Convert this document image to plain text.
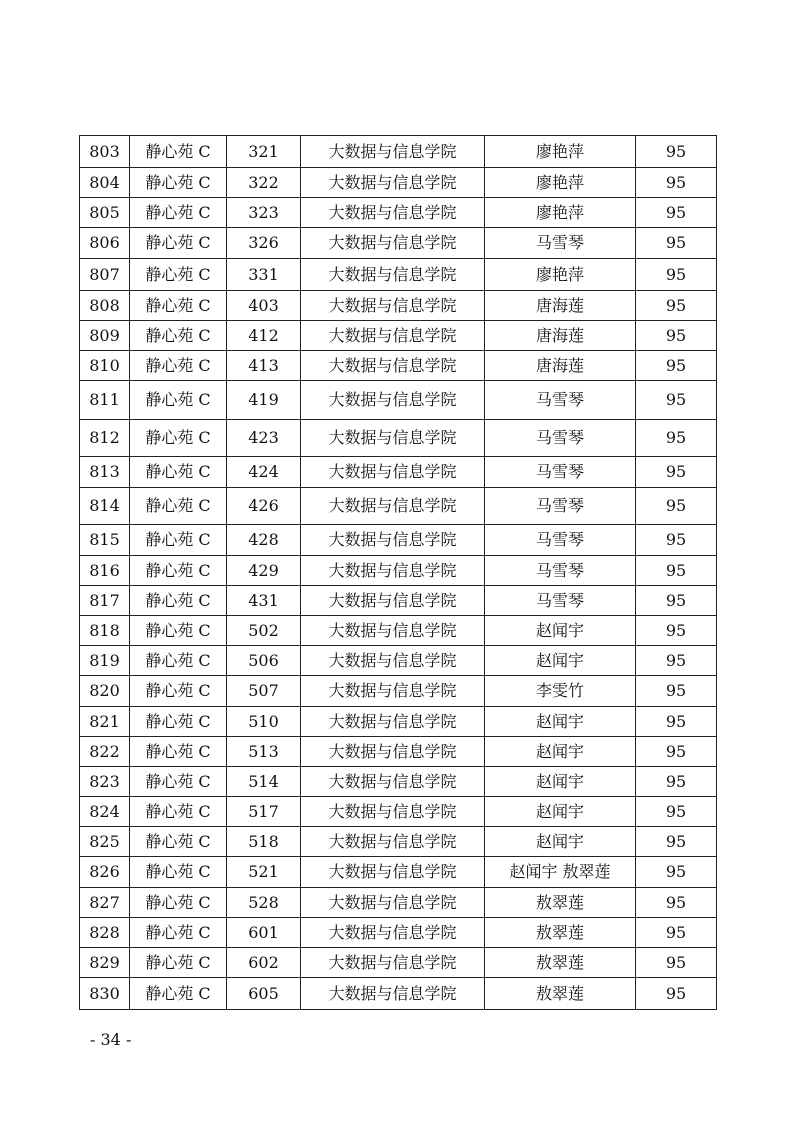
803	静心苑 C	321	大数据与信息学院	廖艳萍	95
804	静心苑 C	322	大数据与信息学院	廖艳萍	95
805	静心苑 C	323	大数据与信息学院	廖艳萍	95
806	静心苑 C	326	大数据与信息学院	马雪琴	95
807	静心苑 C	331	大数据与信息学院	廖艳萍	95
808	静心苑 C	403	大数据与信息学院	唐海莲	95
809	静心苑 C	412	大数据与信息学院	唐海莲	95
810	静心苑 C	413	大数据与信息学院	唐海莲	95
811	静心苑 C	419	大数据与信息学院	马雪琴	95
812	静心苑 C	423	大数据与信息学院	马雪琴	95
813	静心苑 C	424	大数据与信息学院	马雪琴	95
814	静心苑 C	426	大数据与信息学院	马雪琴	95
815	静心苑 C	428	大数据与信息学院	马雪琴	95
816	静心苑 C	429	大数据与信息学院	马雪琴	95
817	静心苑 C	431	大数据与信息学院	马雪琴	95
818	静心苑 C	502	大数据与信息学院	赵闻宇	95
819	静心苑 C	506	大数据与信息学院	赵闻宇	95
820	静心苑 C	507	大数据与信息学院	李雯竹	95
821	静心苑 C	510	大数据与信息学院	赵闻宇	95
822	静心苑 C	513	大数据与信息学院	赵闻宇	95
823	静心苑 C	514	大数据与信息学院	赵闻宇	95
824	静心苑 C	517	大数据与信息学院	赵闻宇	95
825	静心苑 C	518	大数据与信息学院	赵闻宇	95
826	静心苑 C	521	大数据与信息学院	赵闻宇 敖翠莲	95
827	静心苑 C	528	大数据与信息学院	敖翠莲	95
828	静心苑 C	601	大数据与信息学院	敖翠莲	95
829	静心苑 C	602	大数据与信息学院	敖翠莲	95
830	静心苑 C	605	大数据与信息学院	敖翠莲	95
- 34 -
